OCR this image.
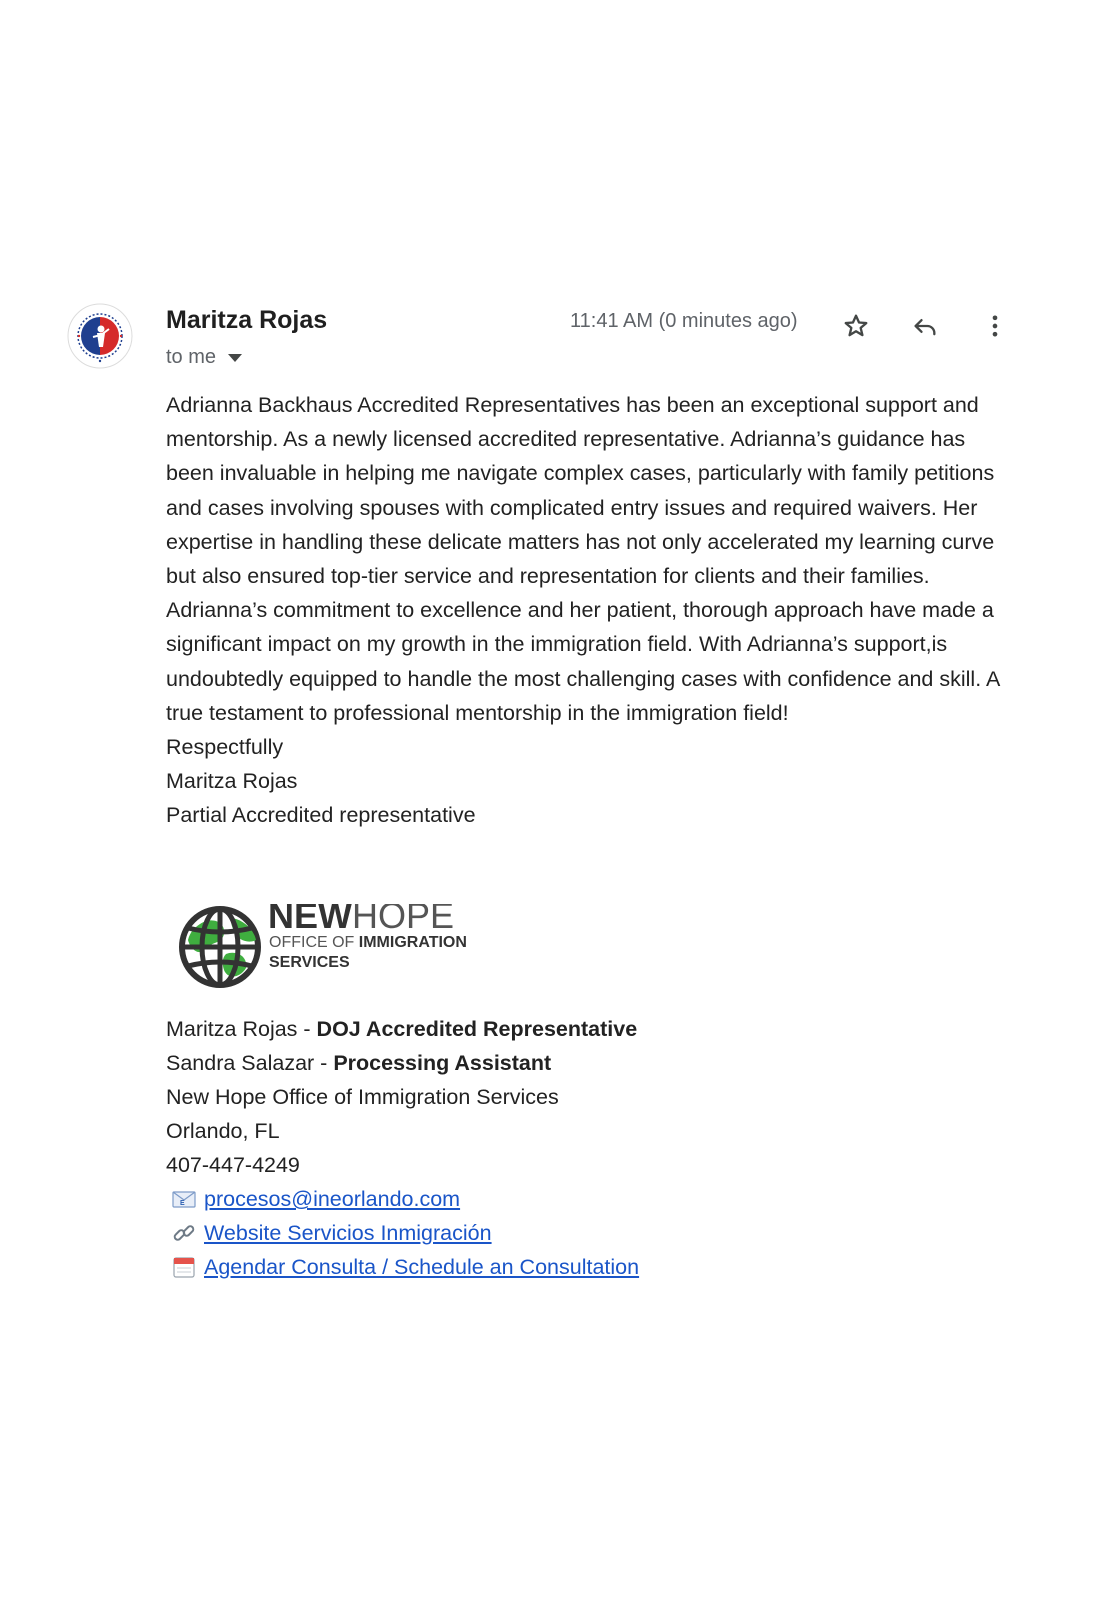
Maritza Rojas
to me
11:41 AM (0 minutes ago)

Adrianna Backhaus Accredited Representatives has been an exceptional support and mentorship. As a newly licensed accredited representative. Adrianna’s guidance has been invaluable in helping me navigate complex cases, particularly with family petitions and cases involving spouses with complicated entry issues and required waivers. Her expertise in handling these delicate matters has not only accelerated my learning curve but also ensured top-tier service and representation for clients and their families. Adrianna’s commitment to excellence and her patient, thorough approach have made a significant impact on my growth in the immigration field. With Adrianna’s support,is undoubtedly equipped to handle the most challenging cases with confidence and skill. A true testament to professional mentorship in the immigration field!

Respectfully

Maritza Rojas

Partial Accredited representative

NEWHOPE
OFFICE OF IMMIGRATION
SERVICES
Maritza Rojas - DOJ Accredited Representative
Sandra Salazar - Processing Assistant
New Hope Office of Immigration Services
Orlando, FL
407-447-4249
E procesos@ineorlando.com
Website Servicios Inmigración
Agendar Consulta / Schedule an Consultation
